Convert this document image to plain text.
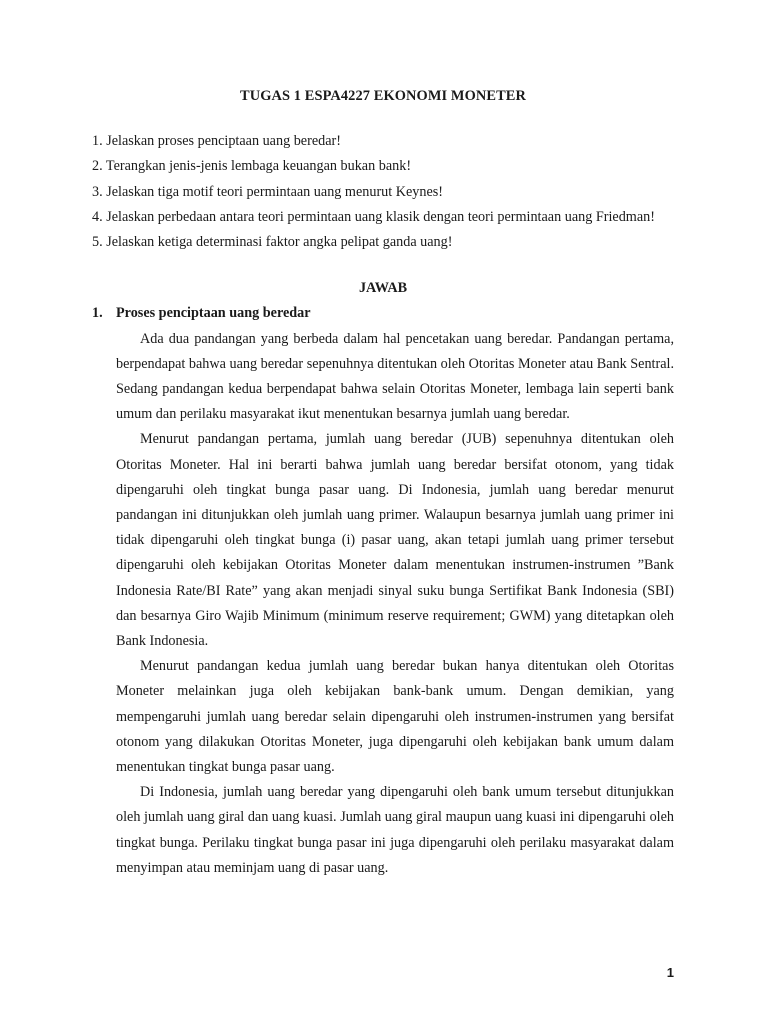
TUGAS 1 ESPA4227 EKONOMI MONETER

1. Jelaskan proses penciptaan uang beredar!

2. Terangkan jenis-jenis lembaga keuangan bukan bank!

3. Jelaskan tiga motif teori permintaan uang menurut Keynes!

4. Jelaskan perbedaan antara teori permintaan uang klasik dengan teori permintaan uang Friedman!

5. Jelaskan ketiga determinasi faktor angka pelipat ganda uang!

JAWAB

1. Proses penciptaan uang beredar

Ada dua pandangan yang berbeda dalam hal pencetakan uang beredar. Pandangan pertama, berpendapat bahwa uang beredar sepenuhnya ditentukan oleh Otoritas Moneter atau Bank Sentral. Sedang pandangan kedua berpendapat bahwa selain Otoritas Moneter, lembaga lain seperti bank umum dan perilaku masyarakat ikut menentukan besarnya jumlah uang beredar.

Menurut pandangan pertama, jumlah uang beredar (JUB) sepenuhnya ditentukan oleh Otoritas Moneter. Hal ini berarti bahwa jumlah uang beredar bersifat otonom, yang tidak dipengaruhi oleh tingkat bunga pasar uang. Di Indonesia, jumlah uang beredar menurut pandangan ini ditunjukkan oleh jumlah uang primer. Walaupun besarnya jumlah uang primer ini tidak dipengaruhi oleh tingkat bunga (i) pasar uang, akan tetapi jumlah uang primer tersebut dipengaruhi oleh kebijakan Otoritas Moneter dalam menentukan instrumen-instrumen ”Bank Indonesia Rate/BI Rate” yang akan menjadi sinyal suku bunga Sertifikat Bank Indonesia (SBI) dan besarnya Giro Wajib Minimum (minimum reserve requirement; GWM) yang ditetapkan oleh Bank Indonesia.

Menurut pandangan kedua jumlah uang beredar bukan hanya ditentukan oleh Otoritas Moneter melainkan juga oleh kebijakan bank-bank umum. Dengan demikian, yang mempengaruhi jumlah uang beredar selain dipengaruhi oleh instrumen-instrumen yang bersifat otonom yang dilakukan Otoritas Moneter, juga dipengaruhi oleh kebijakan bank umum dalam menentukan tingkat bunga pasar uang.

Di Indonesia, jumlah uang beredar yang dipengaruhi oleh bank umum tersebut ditunjukkan oleh jumlah uang giral dan uang kuasi. Jumlah uang giral maupun uang kuasi ini dipengaruhi oleh tingkat bunga. Perilaku tingkat bunga pasar ini juga dipengaruhi oleh perilaku masyarakat dalam menyimpan atau meminjam uang di pasar uang.

1
